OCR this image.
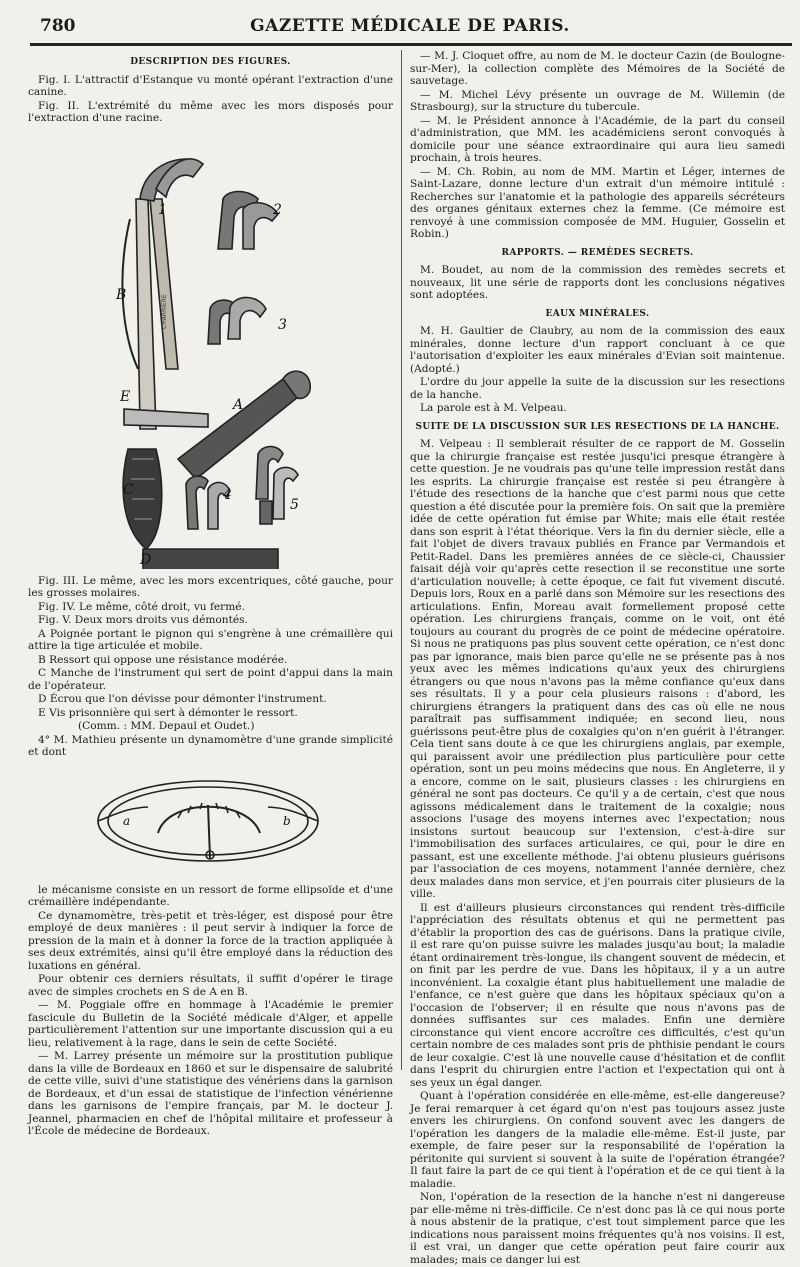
780	GAZETTE MÉDICALE DE PARIS.
DESCRIPTION DES FIGURES.

Fig. I. L'attractif d'Estanque vu monté opérant l'extraction d'une canine.

Fig. II. L'extrémité du même avec les mors disposés pour l'extraction d'une racine.

1	2
3
4
5
A
B
C
D
E
CHARRIÈRE

Fig. III. Le même, avec les mors excentriques, côté gauche, pour les grosses molaires.

Fig. IV. Le même, côté droit, vu fermé.

Fig. V. Deux mors droits vus démontés.

A Poignée portant le pignon qui s'engrène à une crémaillère qui attire la tige articulée et mobile.

B Ressort qui oppose une résistance modérée.

C Manche de l'instrument qui sert de point d'appui dans la main de l'opérateur.

D Écrou que l'on dévisse pour démonter l'instrument.

E Vis prisonnière qui sert à démonter le ressort.

(Comm. : MM. Depaul et Oudet.)

4° M. Mathieu présente un dynamomètre d'une grande simplicité et dont

a	b

le mécanisme consiste en un ressort de forme ellipsoïde et d'une crémaillère indépendante.

Ce dynamomètre, très-petit et très-léger, est disposé pour être employé de deux manières : il peut servir à indiquer la force de pression de la main et à donner la force de la traction appliquée à ses deux extrémités, ainsi qu'il être employé dans la réduction des luxations en général.

Pour obtenir ces derniers résultats, il suffit d'opérer le tirage avec de simples crochets en S de A en B.

— M. Poggiale offre en hommage à l'Académie le premier fascicule du Bulletin de la Société médicale d'Alger, et appelle particulièrement l'attention sur une importante discussion qui a eu lieu, relativement à la rage, dans le sein de cette Société.

— M. Larrey présente un mémoire sur la prostitution publique dans la ville de Bordeaux en 1860 et sur le dispensaire de salubrité de cette ville, suivi d'une statistique des vénériens dans la garnison de Bordeaux, et d'un essai de statistique de l'infection vénérienne dans les garnisons de l'empire français, par M. le docteur J. Jeannel, pharmacien en chef de l'hôpital militaire et professeur à l'École de médecine de Bordeaux.

— M. J. Cloquet offre, au nom de M. le docteur Cazin (de Boulogne-sur-Mer), la collection complète des Mémoires de la Société de sauvetage.

— M. Michel Lévy présente un ouvrage de M. Willemin (de Strasbourg), sur la structure du tubercule.

— M. le Président annonce à l'Académie, de la part du conseil d'administration, que MM. les académiciens seront convoqués à domicile pour une séance extraordinaire qui aura lieu samedi prochain, à trois heures.

— M. Ch. Robin, au nom de MM. Martin et Léger, internes de Saint-Lazare, donne lecture d'un extrait d'un mémoire intitulé : Recherches sur l'anatomie et la pathologie des appareils sécréteurs des organes génitaux externes chez la femme. (Ce mémoire est renvoyé à une commission composée de MM. Huguier, Gosselin et Robin.)

RAPPORTS. — REMÈDES SECRETS.

M. Boudet, au nom de la commission des remèdes secrets et nouveaux, lit une série de rapports dont les conclusions négatives sont adoptées.

EAUX MINÉRALES.

M. H. Gaultier de Claubry, au nom de la commission des eaux minérales, donne lecture d'un rapport concluant à ce que l'autorisation d'exploiter les eaux minérales d'Evian soit maintenue. (Adopté.)

L'ordre du jour appelle la suite de la discussion sur les resections de la hanche.

La parole est à M. Velpeau.

SUITE DE LA DISCUSSION SUR LES RESECTIONS DE LA HANCHE.

M. Velpeau : Il semblerait résulter de ce rapport de M. Gosselin que la chirurgie française est restée jusqu'ici presque étrangère à cette question. Je ne voudrais pas qu'une telle impression restât dans les esprits. La chirurgie française est restée si peu étrangère à l'étude des resections de la hanche que c'est parmi nous que cette question a été discutée pour la première fois. On sait que la première idée de cette opération fut émise par White; mais elle était restée dans son esprit à l'état théorique. Vers la fin du dernier siècle, elle a fait l'objet de divers travaux publiés en France par Vermandois et Petit-Radel. Dans les premières années de ce siècle-ci, Chaussier faisait déjà voir qu'après cette resection il se reconstitue une sorte d'articulation nouvelle; à cette époque, ce fait fut vivement discuté. Depuis lors, Roux en a parlé dans son Mémoire sur les resections des articulations. Enfin, Moreau avait formellement proposé cette opération. Les chirurgiens français, comme on le voit, ont été toujours au courant du progrès de ce point de médecine opératoire. Si nous ne pratiquons pas plus souvent cette opération, ce n'est donc pas par ignorance, mais bien parce qu'elle ne se présente pas à nos yeux avec les mêmes indications qu'aux yeux des chirurgiens étrangers ou que nous n'avons pas la même confiance qu'eux dans ses résultats. Il y a pour cela plusieurs raisons : d'abord, les chirurgiens étrangers la pratiquent dans des cas où elle ne nous paraîtrait pas suffisamment indiquée; en second lieu, nous guérissons peut-être plus de coxalgies qu'on n'en guérit à l'étranger. Cela tient sans doute à ce que les chirurgiens anglais, par exemple, qui paraissent avoir une prédilection plus particulière pour cette opération, sont un peu moins médecins que nous. En Angleterre, il y a encore, comme on le sait, plusieurs classes : les chirurgiens en général ne sont pas docteurs. Ce qu'il y a de certain, c'est que nous agissons médicalement dans le traitement de la coxalgie; nous associons l'usage des moyens internes avec l'expectation; nous insistons surtout beaucoup sur l'extension, c'est-à-dire sur l'immobilisation des surfaces articulaires, ce qui, pour le dire en passant, est une excellente méthode. J'ai obtenu plusieurs guérisons par l'association de ces moyens, notamment l'année dernière, chez deux malades dans mon service, et j'en pourrais citer plusieurs de la ville.

Il est d'ailleurs plusieurs circonstances qui rendent très-difficile l'appréciation des résultats obtenus et qui ne permettent pas d'établir la proportion des cas de guérisons. Dans la pratique civile, il est rare qu'on puisse suivre les malades jusqu'au bout; la maladie étant ordinairement très-longue, ils changent souvent de médecin, et on finit par les perdre de vue. Dans les hôpitaux, il y a un autre inconvénient. La coxalgie étant plus habituellement une maladie de l'enfance, ce n'est guère que dans les hôpitaux spéciaux qu'on a l'occasion de l'observer; il en résulte que nous n'avons pas de données suffisantes sur ces malades. Enfin une dernière circonstance qui vient encore accroître ces difficultés, c'est qu'un certain nombre de ces malades sont pris de phthisie pendant le cours de leur coxalgie. C'est là une nouvelle cause d'hésitation et de conflit dans l'esprit du chirurgien entre l'action et l'expectation qui ont à ses yeux un égal danger.

Quant à l'opération considérée en elle-même, est-elle dangereuse? Je ferai remarquer à cet égard qu'on n'est pas toujours assez juste envers les chirurgiens. On confond souvent avec les dangers de l'opération les dangers de la maladie elle-même. Est-il juste, par exemple, de faire peser sur la responsabilité de l'opération la péritonite qui survient si souvent à la suite de l'opération étrangée? Il faut faire la part de ce qui tient à l'opération et de ce qui tient à la maladie.

Non, l'opération de la resection de la hanche n'est ni dangereuse par elle-même ni très-difficile. Ce n'est donc pas là ce qui nous porte à nous abstenir de la pratique, c'est tout simplement parce que les indications nous paraissent moins fréquentes qu'à nos voisins. Il est, il est vrai, un danger que cette opération peut faire courir aux malades; mais ce danger lui est
